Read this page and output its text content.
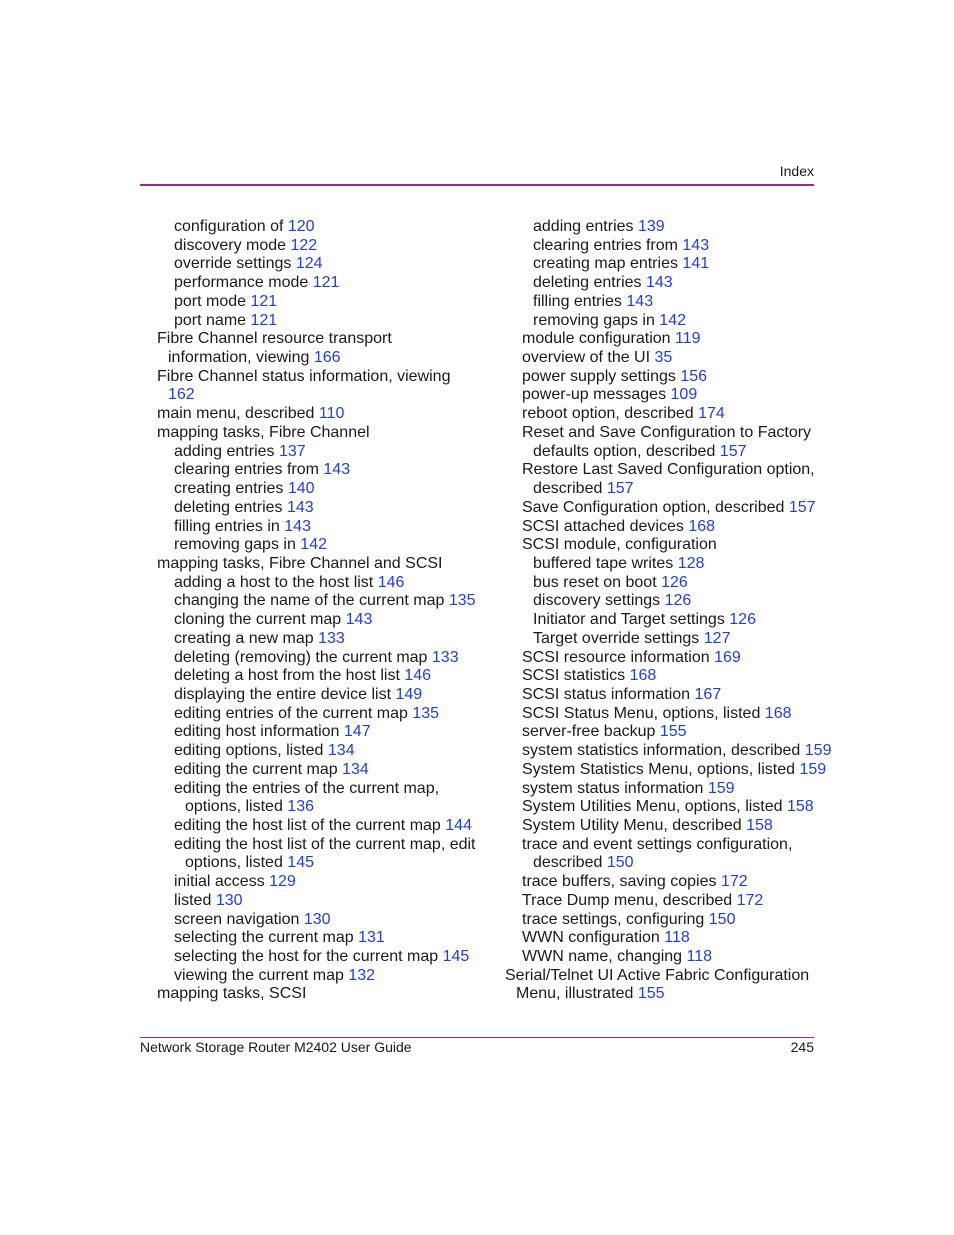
Index
configuration of 120
discovery mode 122
override settings 124
performance mode 121
port mode 121
port name 121
Fibre Channel resource transport
information, viewing 166
Fibre Channel status information, viewing
162
main menu, described 110
mapping tasks, Fibre Channel
adding entries 137
clearing entries from 143
creating entries 140
deleting entries 143
filling entries in 143
removing gaps in 142
mapping tasks, Fibre Channel and SCSI
adding a host to the host list 146
changing the name of the current map 135
cloning the current map 143
creating a new map 133
deleting (removing) the current map 133
deleting a host from the host list 146
displaying the entire device list 149
editing entries of the current map 135
editing host information 147
editing options, listed 134
editing the current map 134
editing the entries of the current map,
options, listed 136
editing the host list of the current map 144
editing the host list of the current map, edit
options, listed 145
initial access 129
listed 130
screen navigation 130
selecting the current map 131
selecting the host for the current map 145
viewing the current map 132
mapping tasks, SCSI
adding entries 139
clearing entries from 143
creating map entries 141
deleting entries 143
filling entries 143
removing gaps in 142
module configuration 119
overview of the UI 35
power supply settings 156
power-up messages 109
reboot option, described 174
Reset and Save Configuration to Factory
defaults option, described 157
Restore Last Saved Configuration option,
described 157
Save Configuration option, described 157
SCSI attached devices 168
SCSI module, configuration
buffered tape writes 128
bus reset on boot 126
discovery settings 126
Initiator and Target settings 126
Target override settings 127
SCSI resource information 169
SCSI statistics 168
SCSI status information 167
SCSI Status Menu, options, listed 168
server-free backup 155
system statistics information, described 159
System Statistics Menu, options, listed 159
system status information 159
System Utilities Menu, options, listed 158
System Utility Menu, described 158
trace and event settings configuration,
described 150
trace buffers, saving copies 172
Trace Dump menu, described 172
trace settings, configuring 150
WWN configuration 118
WWN name, changing 118
Serial/Telnet UI Active Fabric Configuration
Menu, illustrated 155
Network Storage Router M2402 User Guide	245
